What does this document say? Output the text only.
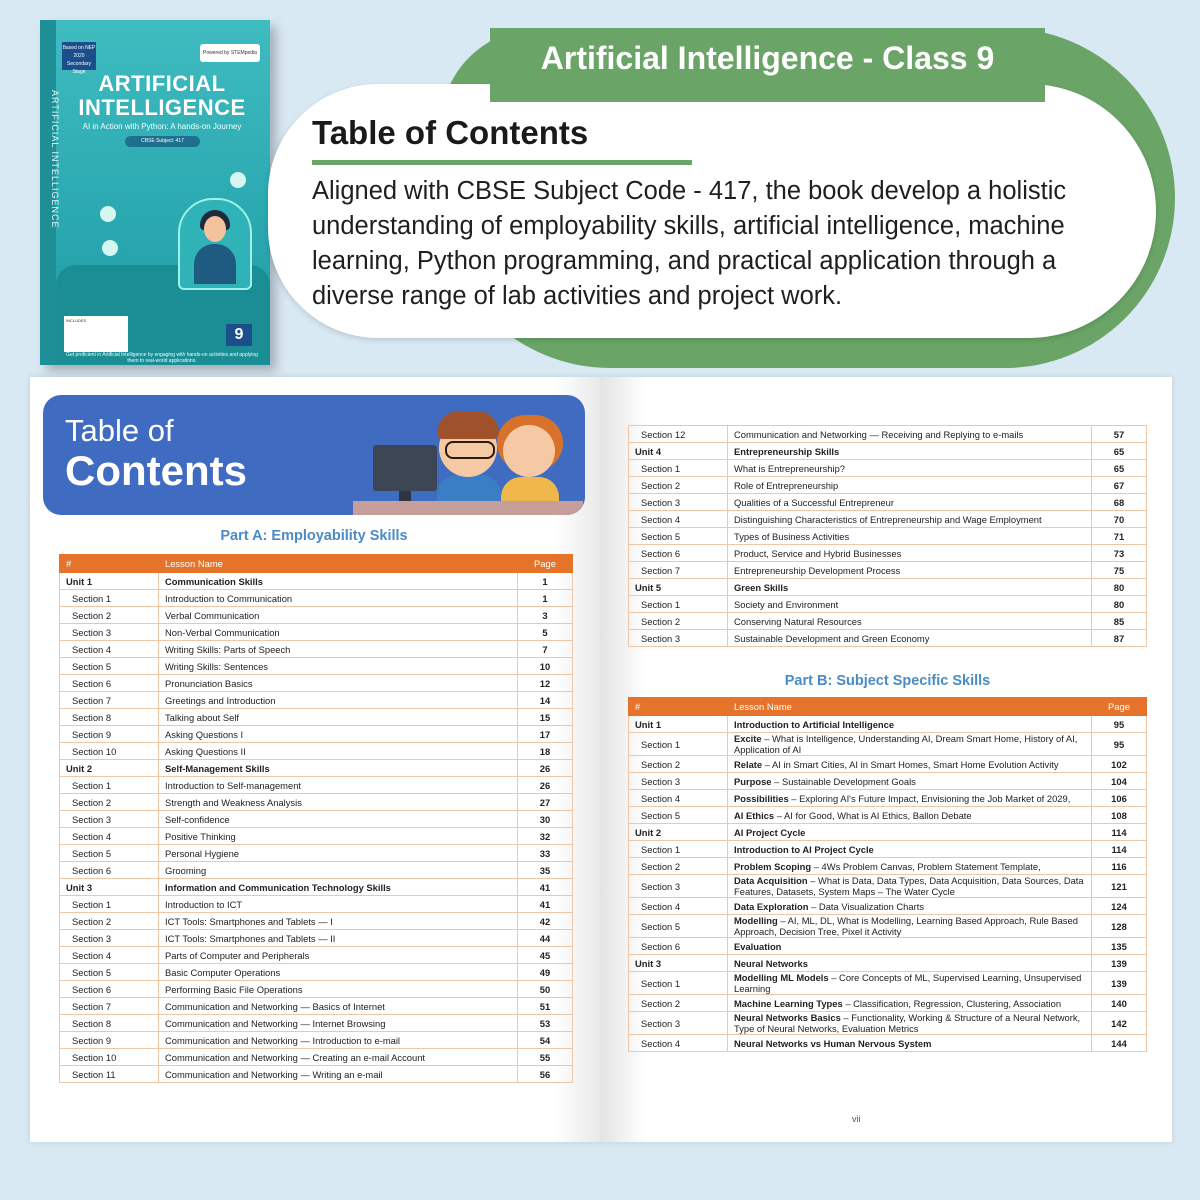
ARTIFICIAL INTELLIGENCE
Based on NEP 2020 Secondary Stage
Powered by STEMpedia
ARTIFICIAL
INTELLIGENCE
AI in Action with Python: A hands-on Journey
CBSE Subject: 417
INCLUDES
9
Get proficient in Artificial Intelligence by engaging with hands-on activities and applying them to real-world applications.
Artificial Intelligence - Class 9
Table of Contents
Aligned with CBSE Subject Code - 417, the book develop a holistic understanding of employability skills, artificial intelligence, machine learning, Python programming, and practical application through a diverse range of lab activities and project work.
Table of
Contents
Part A: Employability Skills
#	Lesson Name	Page
Unit 1	Communication Skills	1
Section 1	Introduction to Communication	1
Section 2	Verbal Communication	3
Section 3	Non-Verbal Communication	5
Section 4	Writing Skills: Parts of Speech	7
Section 5	Writing Skills: Sentences	10
Section 6	Pronunciation Basics	12
Section 7	Greetings and Introduction	14
Section 8	Talking about Self	15
Section 9	Asking Questions I	17
Section 10	Asking Questions II	18
Unit 2	Self-Management Skills	26
Section 1	Introduction to Self-management	26
Section 2	Strength and Weakness Analysis	27
Section 3	Self-confidence	30
Section 4	Positive Thinking	32
Section 5	Personal Hygiene	33
Section 6	Grooming	35
Unit 3	Information and Communication Technology Skills	41
Section 1	Introduction to ICT	41
Section 2	ICT Tools: Smartphones and Tablets — I	42
Section 3	ICT Tools: Smartphones and Tablets — II	44
Section 4	Parts of Computer and Peripherals	45
Section 5	Basic Computer Operations	49
Section 6	Performing Basic File Operations	50
Section 7	Communication and Networking — Basics of Internet	51
Section 8	Communication and Networking — Internet Browsing	53
Section 9	Communication and Networking — Introduction to e-mail	54
Section 10	Communication and Networking — Creating an e-mail Account	55
Section 11	Communication and Networking — Writing an e-mail	56
Section 12	Communication and Networking — Receiving and Replying to e-mails	57
Unit 4	Entrepreneurship Skills	65
Section 1	What is Entrepreneurship?	65
Section 2	Role of Entrepreneurship	67
Section 3	Qualities of a Successful Entrepreneur	68
Section 4	Distinguishing Characteristics of Entrepreneurship and Wage Employment	70
Section 5	Types of Business Activities	71
Section 6	Product, Service and Hybrid Businesses	73
Section 7	Entrepreneurship Development Process	75
Unit 5	Green Skills	80
Section 1	Society and Environment	80
Section 2	Conserving Natural Resources	85
Section 3	Sustainable Development and Green Economy	87
Part B: Subject Specific Skills
#	Lesson Name	Page
Unit 1	Introduction to Artificial Intelligence	95
Section 1	Excite – What is Intelligence, Understanding AI, Dream Smart Home, History of AI, Application of AI	95
Section 2	Relate – AI in Smart Cities, AI in Smart Homes, Smart Home Evolution Activity	102
Section 3	Purpose – Sustainable Development Goals	104
Section 4	Possibilities – Exploring AI's Future Impact, Envisioning the Job Market of 2029,	106
Section 5	AI Ethics – AI for Good, What is AI Ethics, Ballon Debate	108
Unit 2	AI Project Cycle	114
Section 1	Introduction to AI Project Cycle	114
Section 2	Problem Scoping – 4Ws Problem Canvas, Problem Statement Template,	116
Section 3	Data Acquisition – What is Data, Data Types, Data Acquisition, Data Sources, Data Features, Datasets, System Maps – The Water Cycle	121
Section 4	Data Exploration – Data Visualization Charts	124
Section 5	Modelling – AI, ML, DL, What is Modelling, Learning Based Approach, Rule Based Approach, Decision Tree, Pixel it Activity	128
Section 6	Evaluation	135
Unit 3	Neural Networks	139
Section 1	Modelling ML Models – Core Concepts of ML, Supervised Learning, Unsupervised Learning	139
Section 2	Machine Learning Types – Classification, Regression, Clustering, Association	140
Section 3	Neural Networks Basics – Functionality, Working & Structure of a Neural Network, Type of Neural Networks, Evaluation Metrics	142
Section 4	Neural Networks vs Human Nervous System	144
vii
